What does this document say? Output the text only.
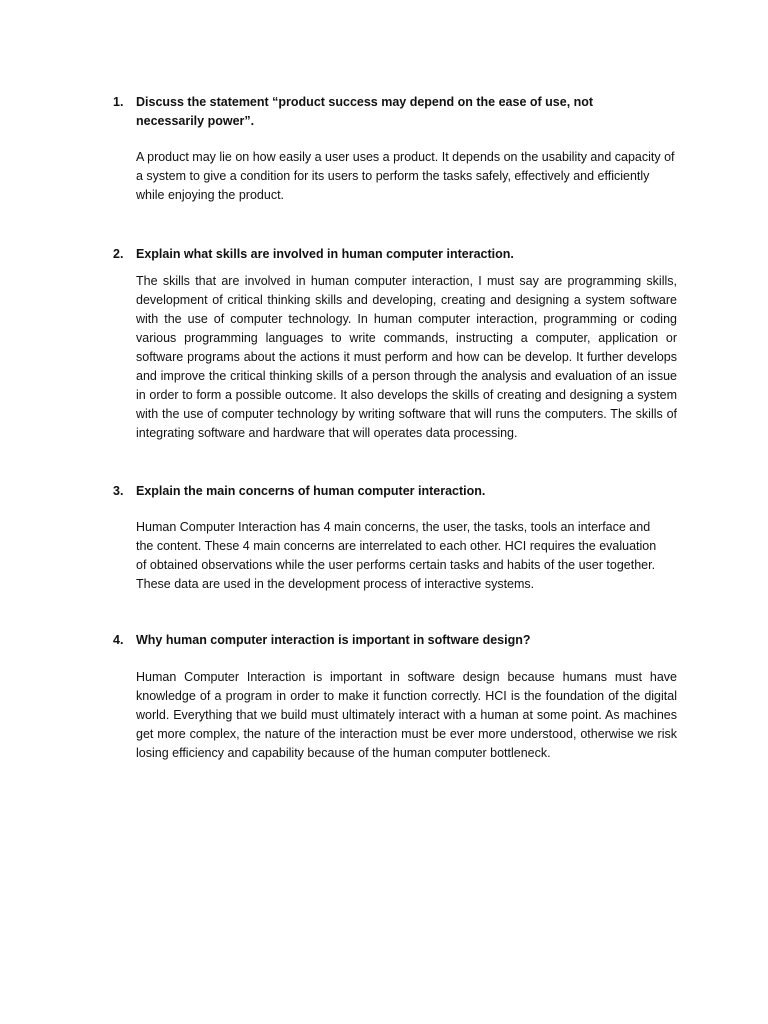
1. Discuss the statement “product success may depend on the ease of use, not necessarily power”.
A product may lie on how easily a user uses a product. It depends on the usability and capacity of a system to give a condition for its users to perform the tasks safely, effectively and efficiently while enjoying the product.
2. Explain what skills are involved in human computer interaction.
The skills that are involved in human computer interaction, I must say are programming skills, development of critical thinking skills and developing, creating and designing a system software with the use of computer technology. In human computer interaction, programming or coding various programming languages to write commands, instructing a computer, application or software programs about the actions it must perform and how can be develop. It further develops and improve the critical thinking skills of a person through the analysis and evaluation of an issue in order to form a possible outcome. It also develops the skills of creating and designing a system with the use of computer technology by writing software that will runs the computers. The skills of integrating software and hardware that will operates data processing.
3. Explain the main concerns of human computer interaction.
Human Computer Interaction has 4 main concerns, the user, the tasks, tools an interface and the content. These 4 main concerns are interrelated to each other. HCI requires the evaluation of obtained observations while the user performs certain tasks and habits of the user together. These data are used in the development process of interactive systems.
4. Why human computer interaction is important in software design?
Human Computer Interaction is important in software design because humans must have knowledge of a program in order to make it function correctly. HCI is the foundation of the digital world. Everything that we build must ultimately interact with a human at some point. As machines get more complex, the nature of the interaction must be ever more understood, otherwise we risk losing efficiency and capability because of the human computer bottleneck.
